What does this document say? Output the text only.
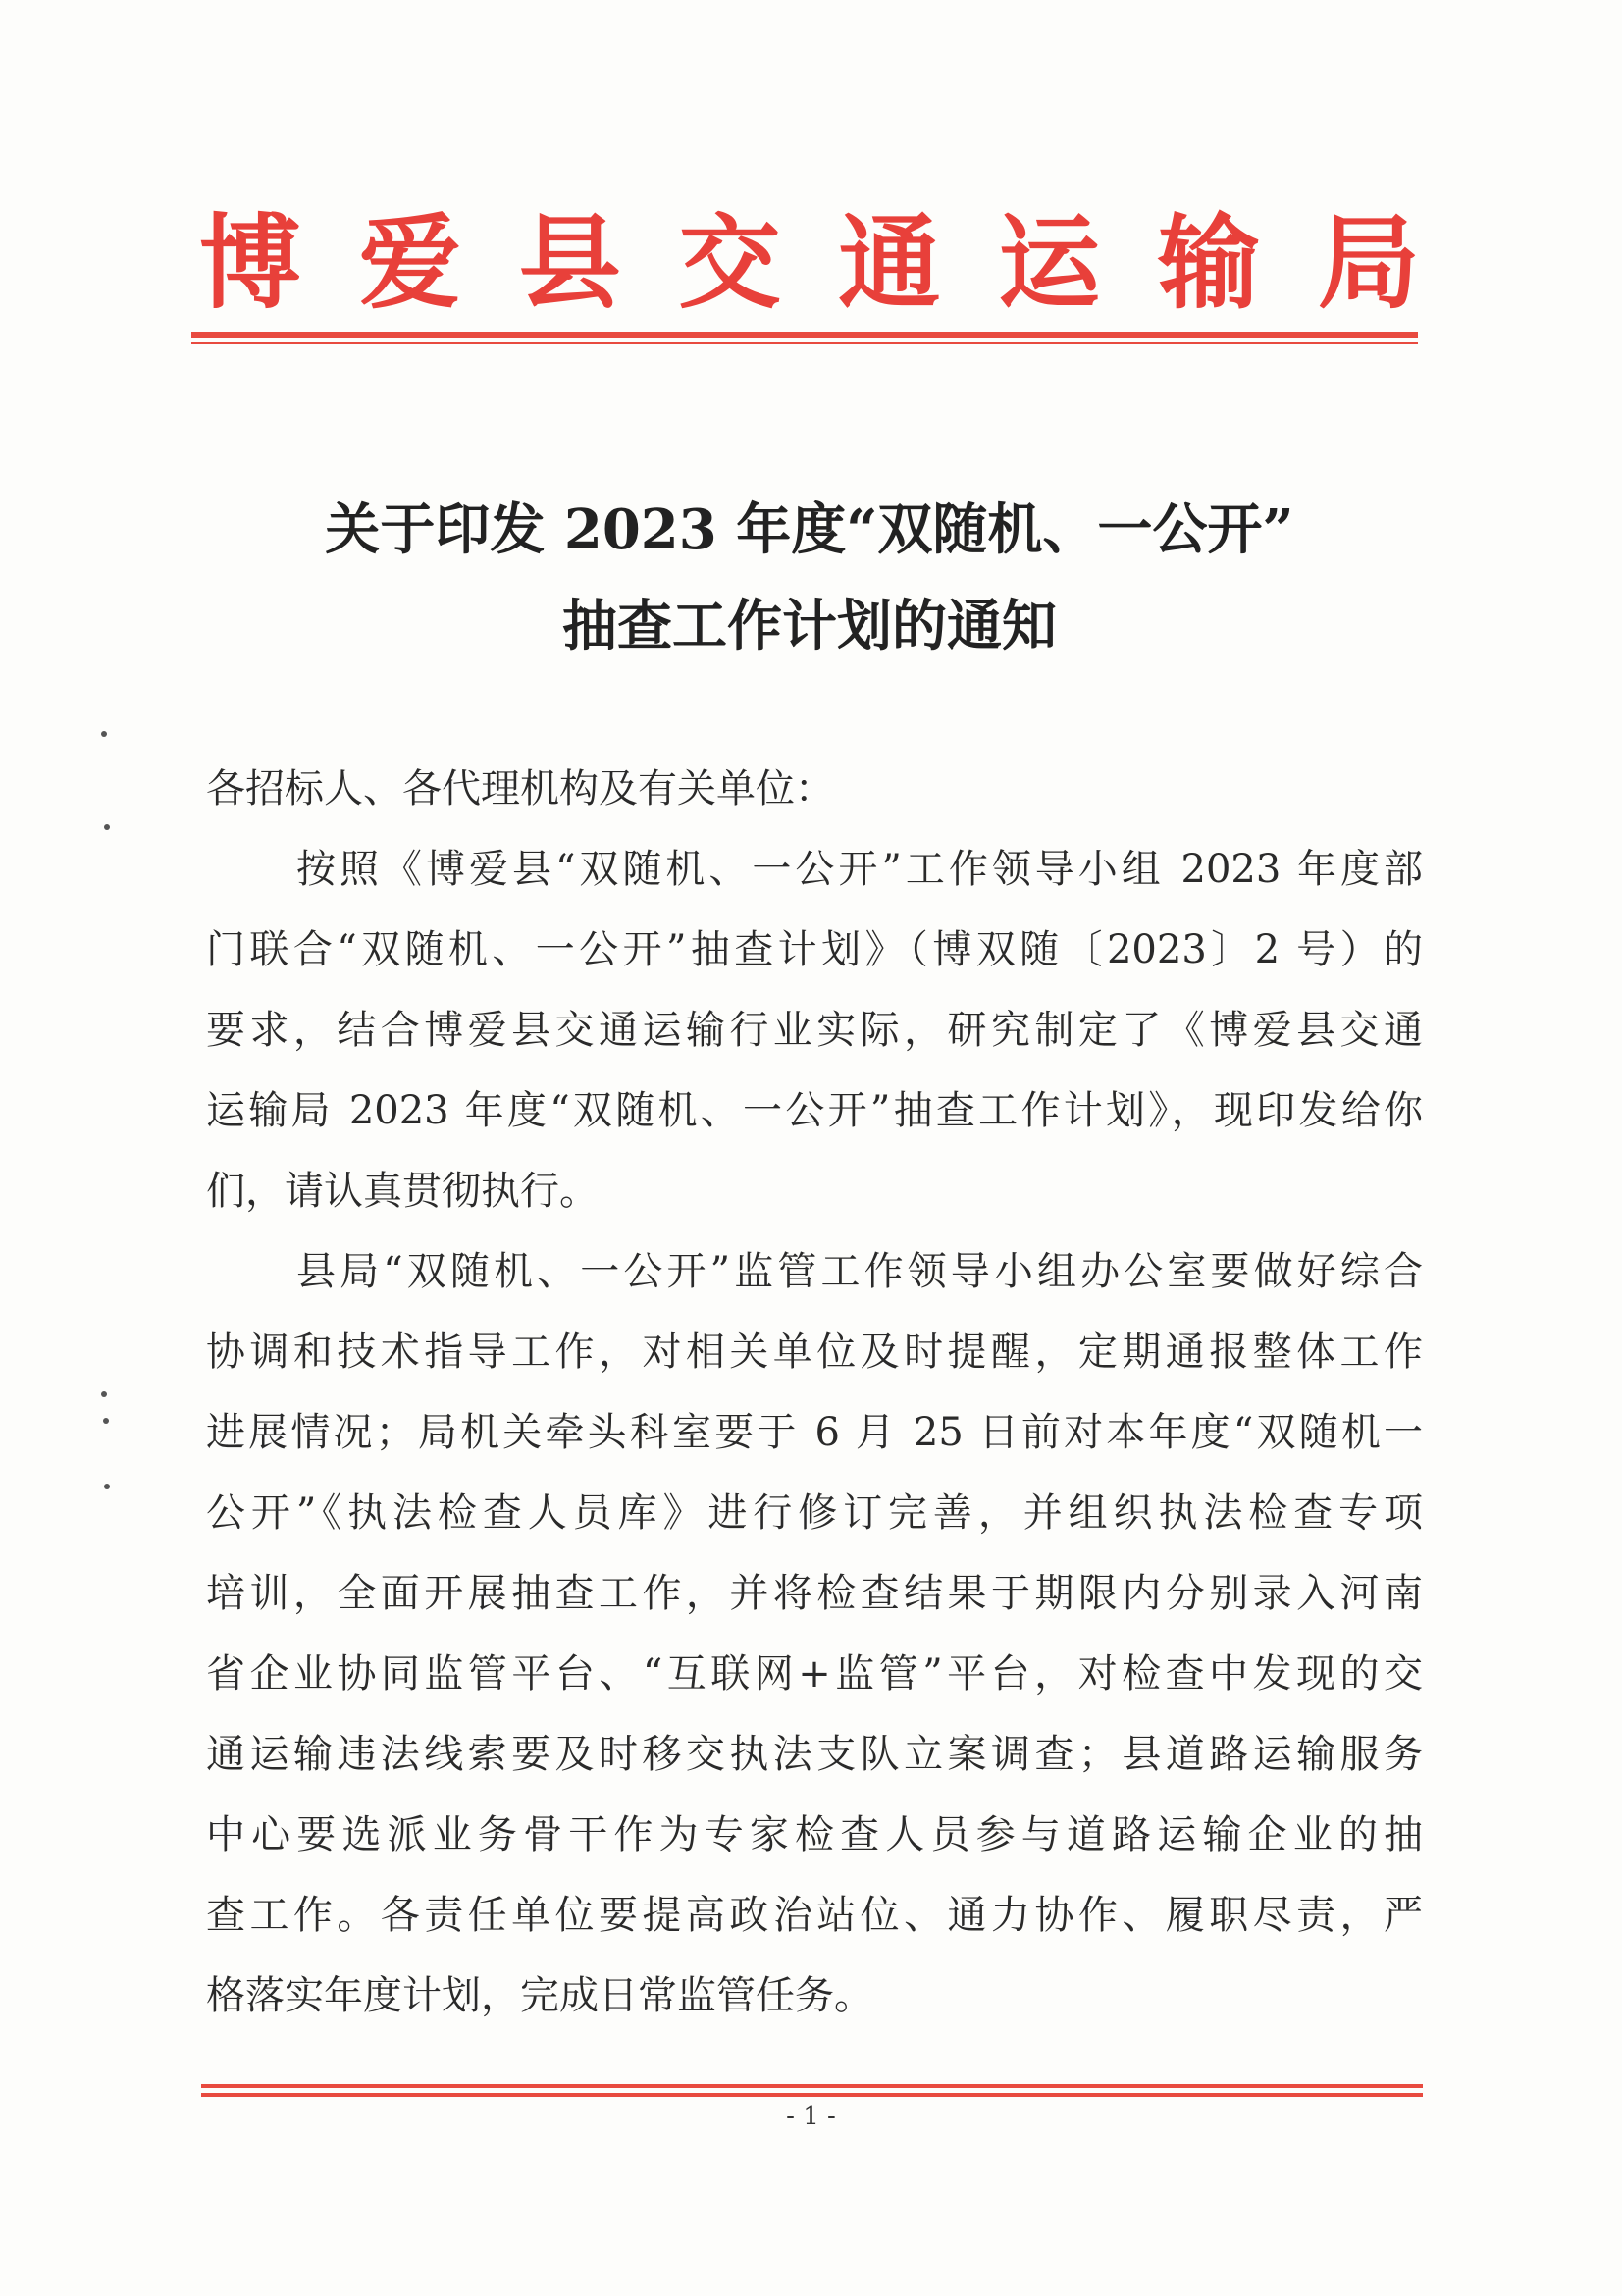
博 爱 县 交 通 运 输 局
关于印发 2023 年度“双随机、一公开”
抽查工作计划的通知
各招标人、各代理机构及有关单位：
按照《博爱县“双随机、一公开”工作领导小组 2023 年度部
门联合“双随机、一公开”抽查计划》（博双随〔2023〕2 号）的
要求，结合博爱县交通运输行业实际，研究制定了《博爱县交通
运输局 2023 年度“双随机、一公开”抽查工作计划》，现印发给你
们，请认真贯彻执行。
县局“双随机、一公开”监管工作领导小组办公室要做好综合
协调和技术指导工作，对相关单位及时提醒，定期通报整体工作
进展情况；局机关牵头科室要于 6 月 25 日前对本年度“双随机一
公开”《执法检查人员库》进行修订完善，并组织执法检查专项
培训，全面开展抽查工作，并将检查结果于期限内分别录入河南
省企业协同监管平台、“互联网+监管”平台，对检查中发现的交
通运输违法线索要及时移交执法支队立案调查；县道路运输服务
中心要选派业务骨干作为专家检查人员参与道路运输企业的抽
查工作。各责任单位要提高政治站位、通力协作、履职尽责，严
格落实年度计划，完成日常监管任务。
- 1 -
